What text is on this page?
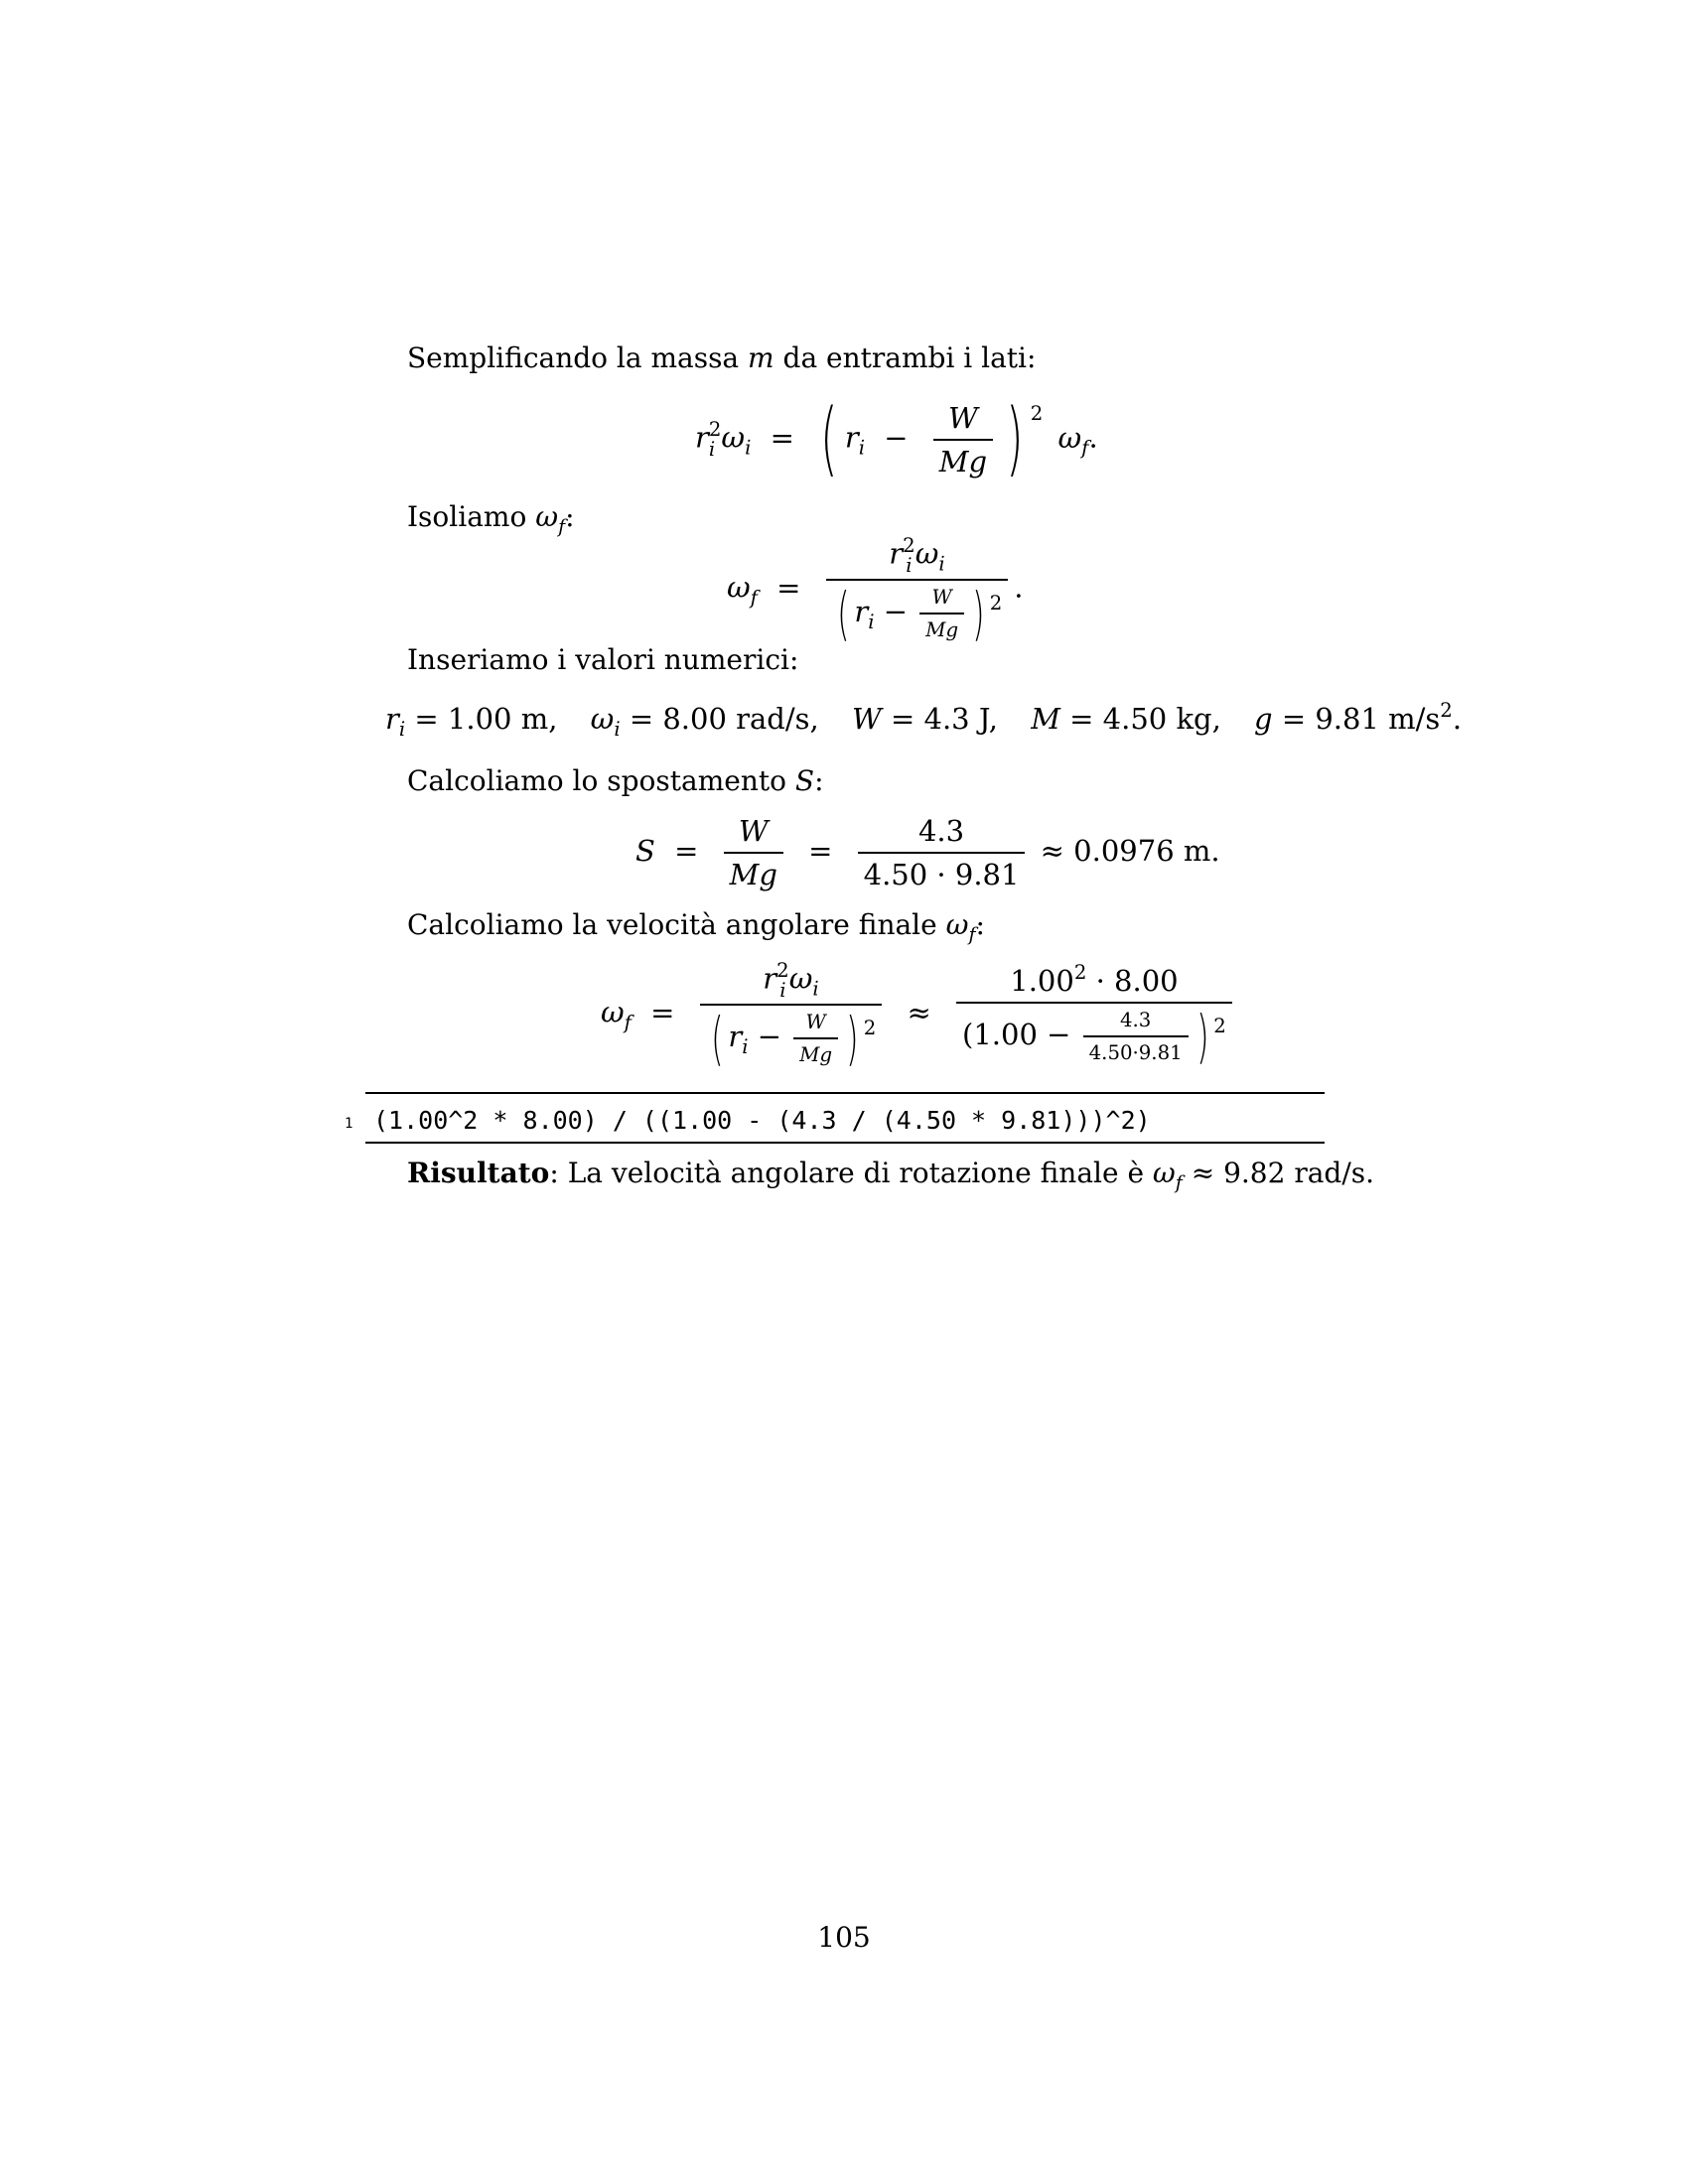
Semplificando la massa m da entrambi i lati:
r 2
i $\omega_i$ = ( $r_i - \frac{W}{Mg}$ ) $^2$ $\omega_f$.
Isoliamo $\omega_f$:
$\omega_f = r$ 2
i $\omega_i$
( $r_i - \frac{W}{Mg}$ ) $^2$ .
Inseriamo i valori numerici:
$r_i = 1.00$ m, $\omega_i = 8.00$ rad/s, W = 4.3 J, M = 4.50 kg, g = 9.81 $m/s^2$.
Calcoliamo lo spostamento S:
$S = \frac{W}{Mg} = \frac{4.3}{4.50 \cdot 9.81} \approx 0.0976$ m.
Calcoliamo la velocità angolare finale $\omega_f$:
$\omega_f = r$ 2
i $\omega_i$
( $r_i - \frac{W}{Mg}$ ) $^2 \approx \frac{1.00^2 \cdot 8.00}{(1.00 - \frac{4.3}{4.50\cdot 9.81} ) ^2}$
1 (1.00^2 * 8.00) / ((1.00 - (4.3 / (4.50 * 9.81)))^2)
Risultato: La velocità angolare di rotazione finale è $\omega_f \approx 9.82$ rad/s.
105
